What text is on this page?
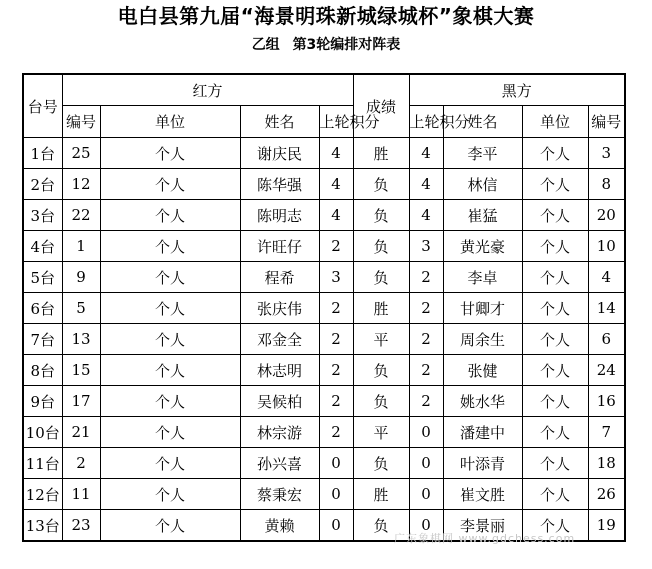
电白县第九届“海景明珠新城绿城杯”象棋大赛
乙组 第3轮编排对阵表
台号	红方				成绩	黑方			
	编号	单位	姓名	上轮积分		上轮积分	姓名	单位	编号
1台	25	个人	谢庆民	4	胜	4	李平	个人	3
2台	12	个人	陈华强	4	负	4	林信	个人	8
3台	22	个人	陈明志	4	负	4	崔猛	个人	20
4台	1	个人	许旺仔	2	负	3	黄光豪	个人	10
5台	9	个人	程希	3	负	2	李卓	个人	4
6台	5	个人	张庆伟	2	胜	2	甘卿才	个人	14
7台	13	个人	邓金全	2	平	2	周余生	个人	6
8台	15	个人	林志明	2	负	2	张健	个人	24
9台	17	个人	吴候柏	2	负	2	姚水华	个人	16
10台	21	个人	林宗游	2	平	0	潘建中	个人	7
11台	2	个人	孙兴喜	0	负	0	叶添青	个人	18
12台	11	个人	蔡秉宏	0	胜	0	崔文胜	个人	26
13台	23	个人	黄赖	0	负	0	李景丽	个人	19
广东象棋网 www.gdchess.com
